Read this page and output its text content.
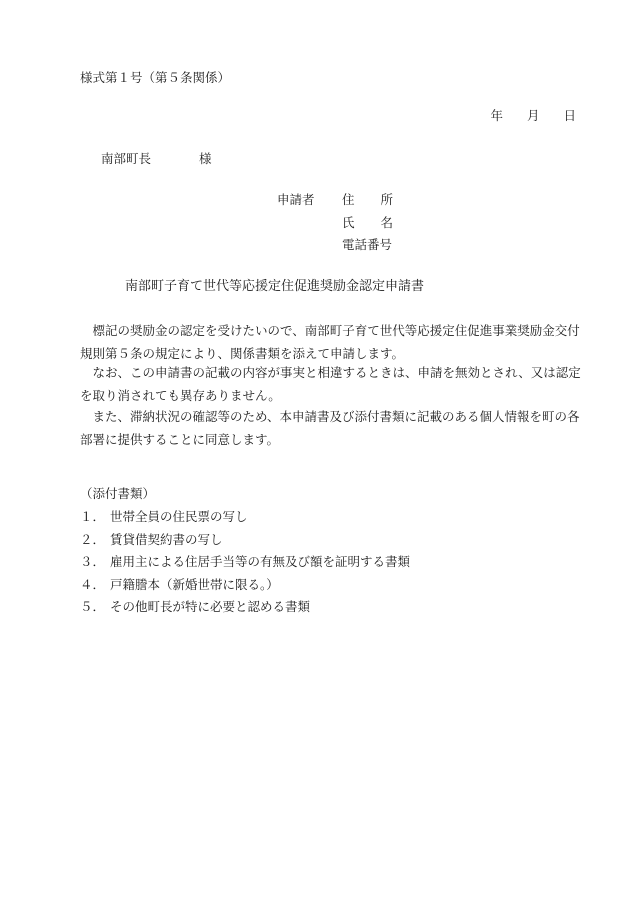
様式第１号（第５条関係）
年 月 日
南部町長	様
申請者 住 所
氏 名
電話番号
南部町子育て世代等応援定住促進奨励金認定申請書
標記の奨励金の認定を受けたいので、南部町子育て世代等応援定住促進事業奨励金交付規則第５条の規定により、関係書類を添えて申請します。
なお、この申請書の記載の内容が事実と相違するときは、申請を無効とされ、又は認定を取り消されても異存ありません。
また、滞納状況の確認等のため、本申請書及び添付書類に記載のある個人情報を町の各部署に提供することに同意します。
（添付書類）
１． 世帯全員の住民票の写し
２． 賃貸借契約書の写し
３． 雇用主による住居手当等の有無及び額を証明する書類
４． 戸籍謄本（新婚世帯に限る。）
５． その他町長が特に必要と認める書類
